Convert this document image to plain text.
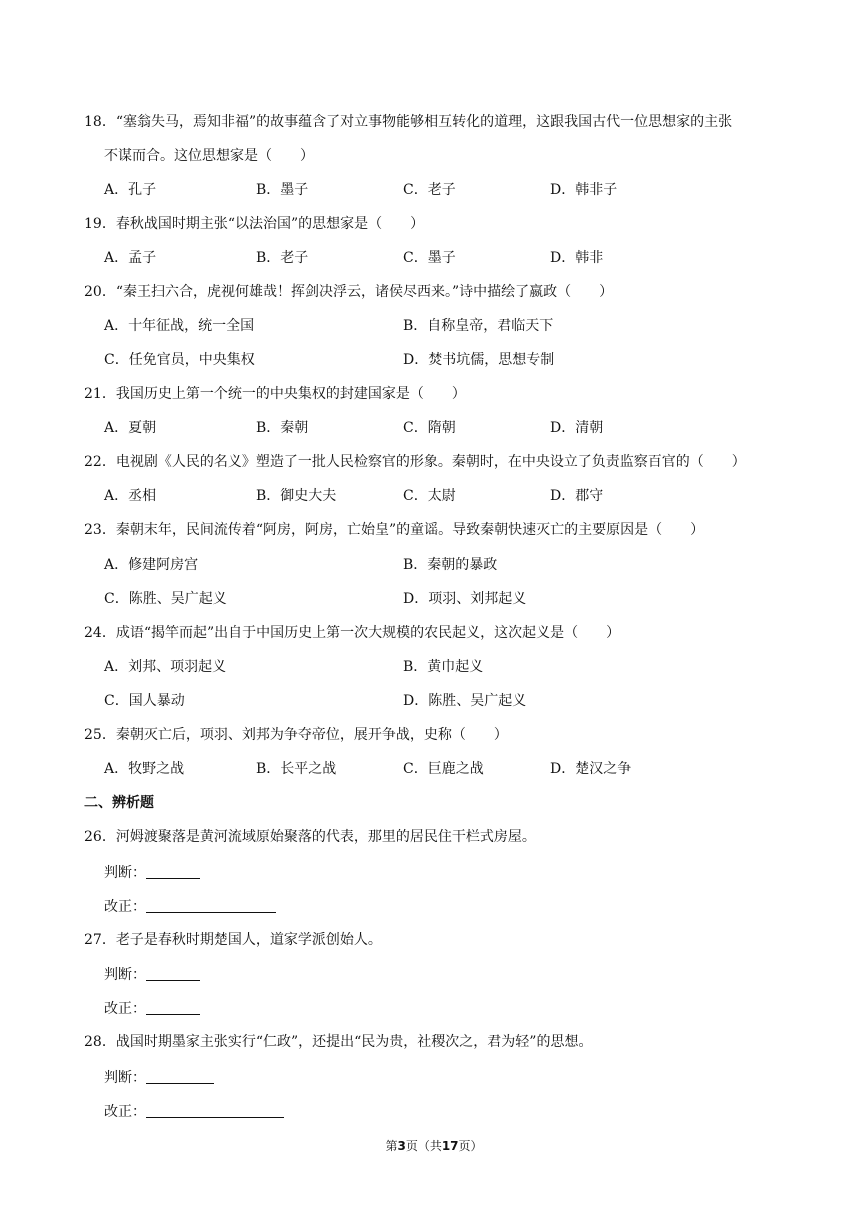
18．“塞翁失马，焉知非福”的故事蕴含了对立事物能够相互转化的道理，这跟我国古代一位思想家的主张
不谋而合。这位思想家是（　　）
A．孔子	B．墨子	C．老子	D．韩非子
19．春秋战国时期主张“以法治国”的思想家是（　　）
A．孟子	B．老子	C．墨子	D．韩非
20．“秦王扫六合，虎视何雄哉！挥剑决浮云，诸侯尽西来。”诗中描绘了嬴政（　　）
A．十年征战，统一全国	B．自称皇帝，君临天下
C．任免官员，中央集权	D．焚书坑儒，思想专制
21．我国历史上第一个统一的中央集权的封建国家是（　　）
A．夏朝	B．秦朝	C．隋朝	D．清朝
22．电视剧《人民的名义》塑造了一批人民检察官的形象。秦朝时，在中央设立了负责监察百官的（　　）
A．丞相	B．御史大夫	C．太尉	D．郡守
23．秦朝末年，民间流传着“阿房，阿房，亡始皇”的童谣。导致秦朝快速灭亡的主要原因是（　　）
A．修建阿房宫	B．秦朝的暴政
C．陈胜、吴广起义	D．项羽、刘邦起义
24．成语“揭竿而起”出自于中国历史上第一次大规模的农民起义，这次起义是（　　）
A．刘邦、项羽起义	B．黄巾起义
C．国人暴动	D．陈胜、吴广起义
25．秦朝灭亡后，项羽、刘邦为争夺帝位，展开争战，史称（　　）
A．牧野之战	B．长平之战	C．巨鹿之战	D．楚汉之争
二、辨析题
26．河姆渡聚落是黄河流域原始聚落的代表，那里的居民住干栏式房屋。
判断：
改正：
27．老子是春秋时期楚国人，道家学派创始人。
判断：
改正：
28．战国时期墨家主张实行“仁政”，还提出“民为贵，社稷次之，君为轻”的思想。
判断：
改正：
第3页（共17页）
